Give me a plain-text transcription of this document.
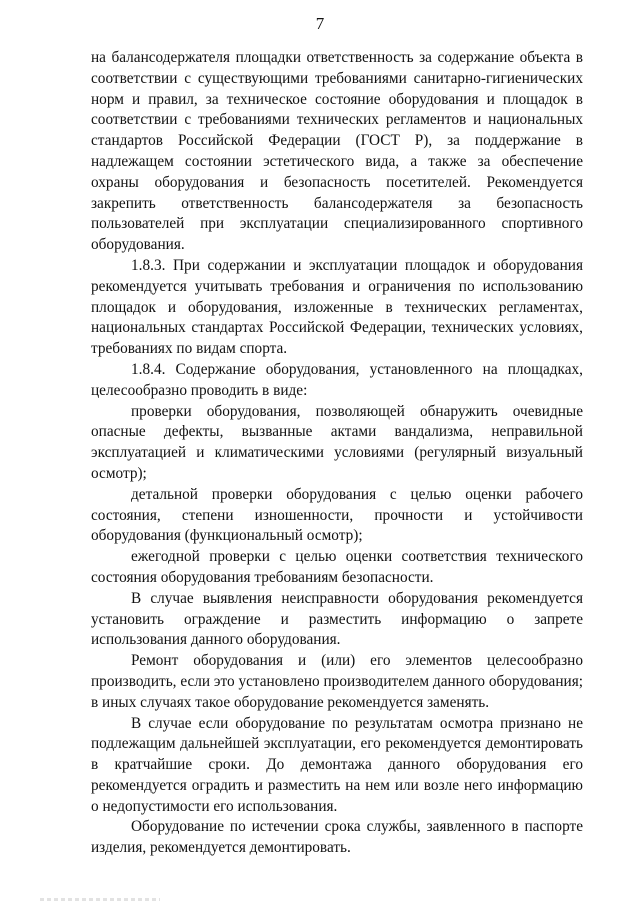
7

на балансодержателя площадки ответственность за содержание объекта в соответствии с существующими требованиями санитарно-гигиенических норм и правил, за техническое состояние оборудования и площадок в соответствии с требованиями технических регламентов и национальных стандартов Российской Федерации (ГОСТ Р), за поддержание в надлежащем состоянии эстетического вида, а также за обеспечение охраны оборудования и безопасность посетителей. Рекомендуется закрепить ответственность балансодержателя за безопасность пользователей при эксплуатации специализированного спортивного оборудования.

1.8.3. При содержании и эксплуатации площадок и оборудования рекомендуется учитывать требования и ограничения по использованию площадок и оборудования, изложенные в технических регламентах, национальных стандартах Российской Федерации, технических условиях, требованиях по видам спорта.

1.8.4. Содержание оборудования, установленного на площадках, целесообразно проводить в виде:

проверки оборудования, позволяющей обнаружить очевидные опасные дефекты, вызванные актами вандализма, неправильной эксплуатацией и климатическими условиями (регулярный визуальный осмотр);

детальной проверки оборудования с целью оценки рабочего состояния, степени изношенности, прочности и устойчивости оборудования (функциональный осмотр);

ежегодной проверки с целью оценки соответствия технического состояния оборудования требованиям безопасности.

В случае выявления неисправности оборудования рекомендуется установить ограждение и разместить информацию о запрете использования данного оборудования.

Ремонт оборудования и (или) его элементов целесообразно производить, если это установлено производителем данного оборудования; в иных случаях такое оборудование рекомендуется заменять.

В случае если оборудование по результатам осмотра признано не подлежащим дальнейшей эксплуатации, его рекомендуется демонтировать в кратчайшие сроки. До демонтажа данного оборудования его рекомендуется оградить и разместить на нем или возле него информацию о недопустимости его использования.

Оборудование по истечении срока службы, заявленного в паспорте изделия, рекомендуется демонтировать.
